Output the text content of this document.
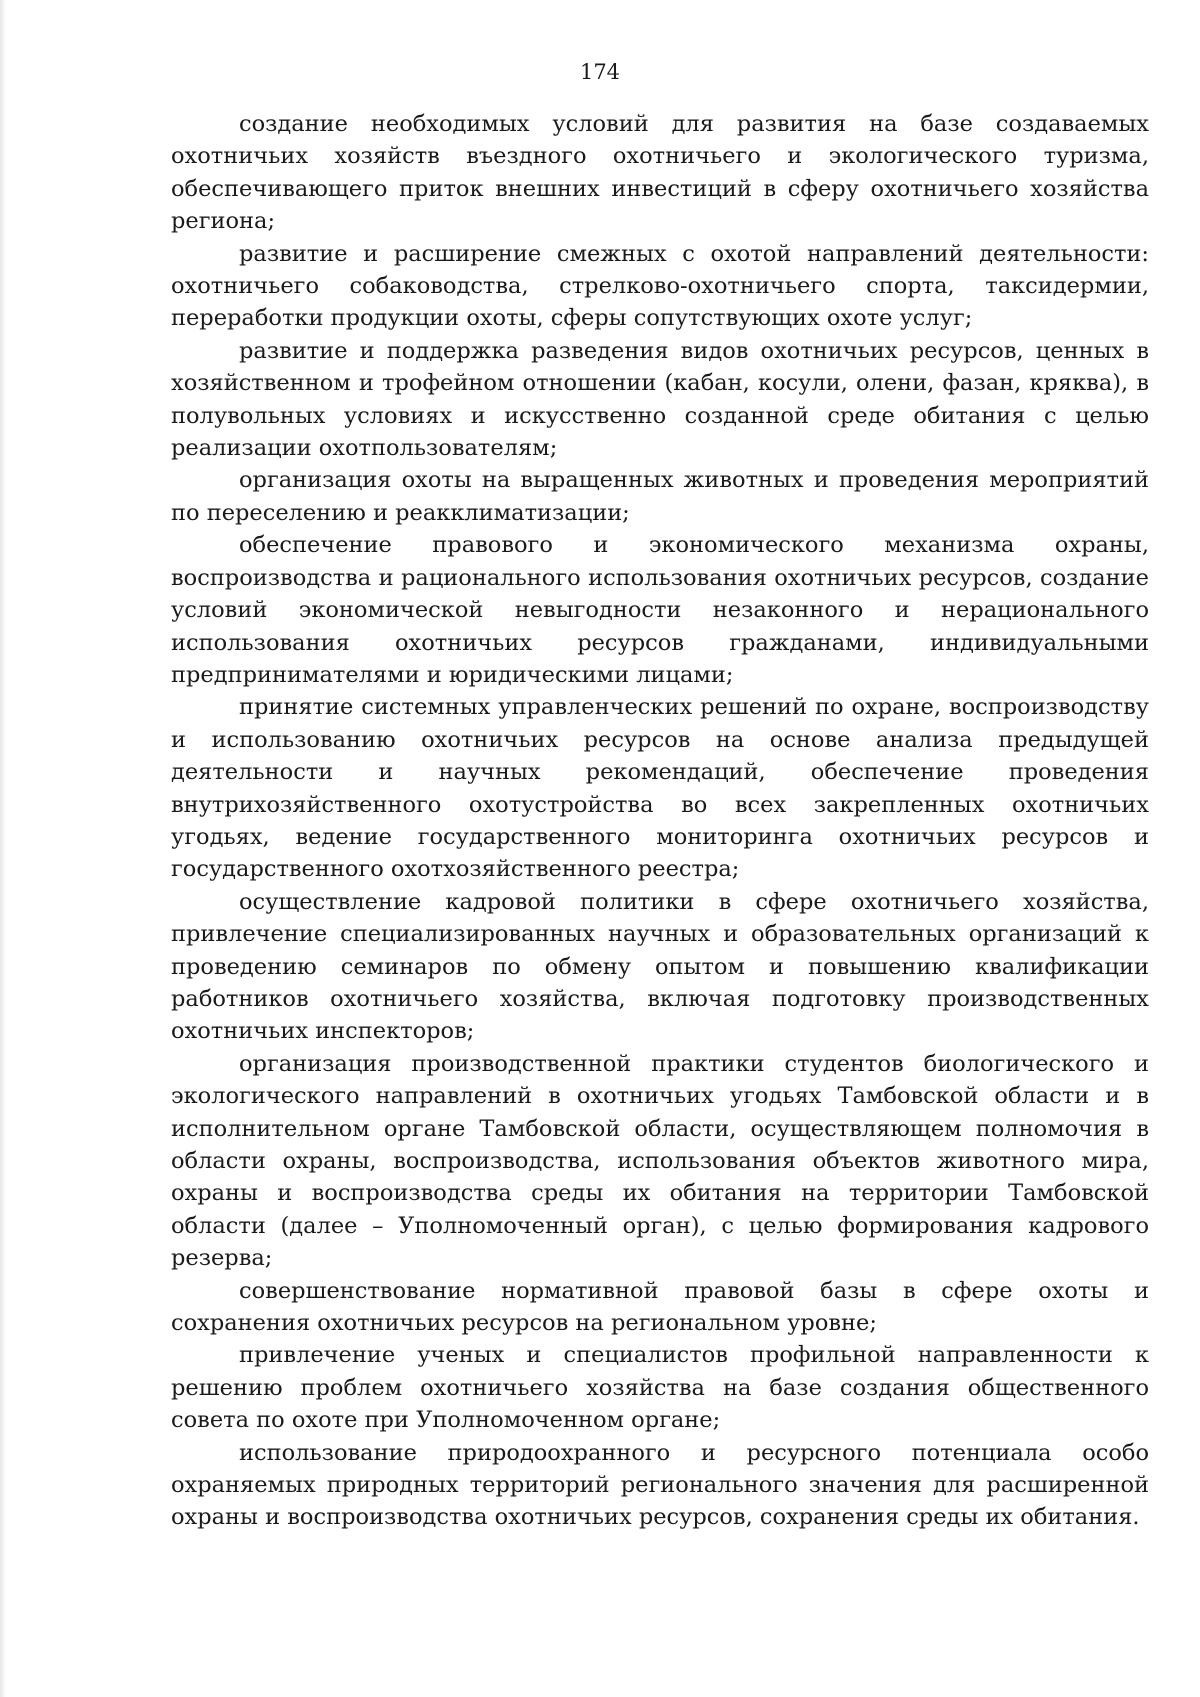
174

создание необходимых условий для развития на базе создаваемых охотничьих хозяйств въездного охотничьего и экологического туризма, обеспечивающего приток внешних инвестиций в сферу охотничьего хозяйства региона;

развитие и расширение смежных с охотой направлений деятельности: охотничьего собаководства, стрелково-охотничьего спорта, таксидермии, переработки продукции охоты, сферы сопутствующих охоте услуг;

развитие и поддержка разведения видов охотничьих ресурсов, ценных в хозяйственном и трофейном отношении (кабан, косули, олени, фазан, кряква), в полувольных условиях и искусственно созданной среде обитания с целью реализации охотпользователям;

организация охоты на выращенных животных и проведения мероприятий по переселению и реакклиматизации;

обеспечение правового и экономического механизма охраны, воспроизводства и рационального использования охотничьих ресурсов, создание условий экономической невыгодности незаконного и нерационального использования охотничьих ресурсов гражданами, индивидуальными предпринимателями и юридическими лицами;

принятие системных управленческих решений по охране, воспроизводству и использованию охотничьих ресурсов на основе анализа предыдущей деятельности и научных рекомендаций, обеспечение проведения внутрихозяйственного охотустройства во всех закрепленных охотничьих угодьях, ведение государственного мониторинга охотничьих ресурсов и государственного охотхозяйственного реестра;

осуществление кадровой политики в сфере охотничьего хозяйства, привлечение специализированных научных и образовательных организаций к проведению семинаров по обмену опытом и повышению квалификации работников охотничьего хозяйства, включая подготовку производственных охотничьих инспекторов;

организация производственной практики студентов биологического и экологического направлений в охотничьих угодьях Тамбовской области и в исполнительном органе Тамбовской области, осуществляющем полномочия в области охраны, воспроизводства, использования объектов животного мира, охраны и воспроизводства среды их обитания на территории Тамбовской области (далее – Уполномоченный орган), с целью формирования кадрового резерва;

совершенствование нормативной правовой базы в сфере охоты и сохранения охотничьих ресурсов на региональном уровне;

привлечение ученых и специалистов профильной направленности к решению проблем охотничьего хозяйства на базе создания общественного совета по охоте при Уполномоченном органе;

использование природоохранного и ресурсного потенциала особо охраняемых природных территорий регионального значения для расширенной охраны и воспроизводства охотничьих ресурсов, сохранения среды их обитания.
